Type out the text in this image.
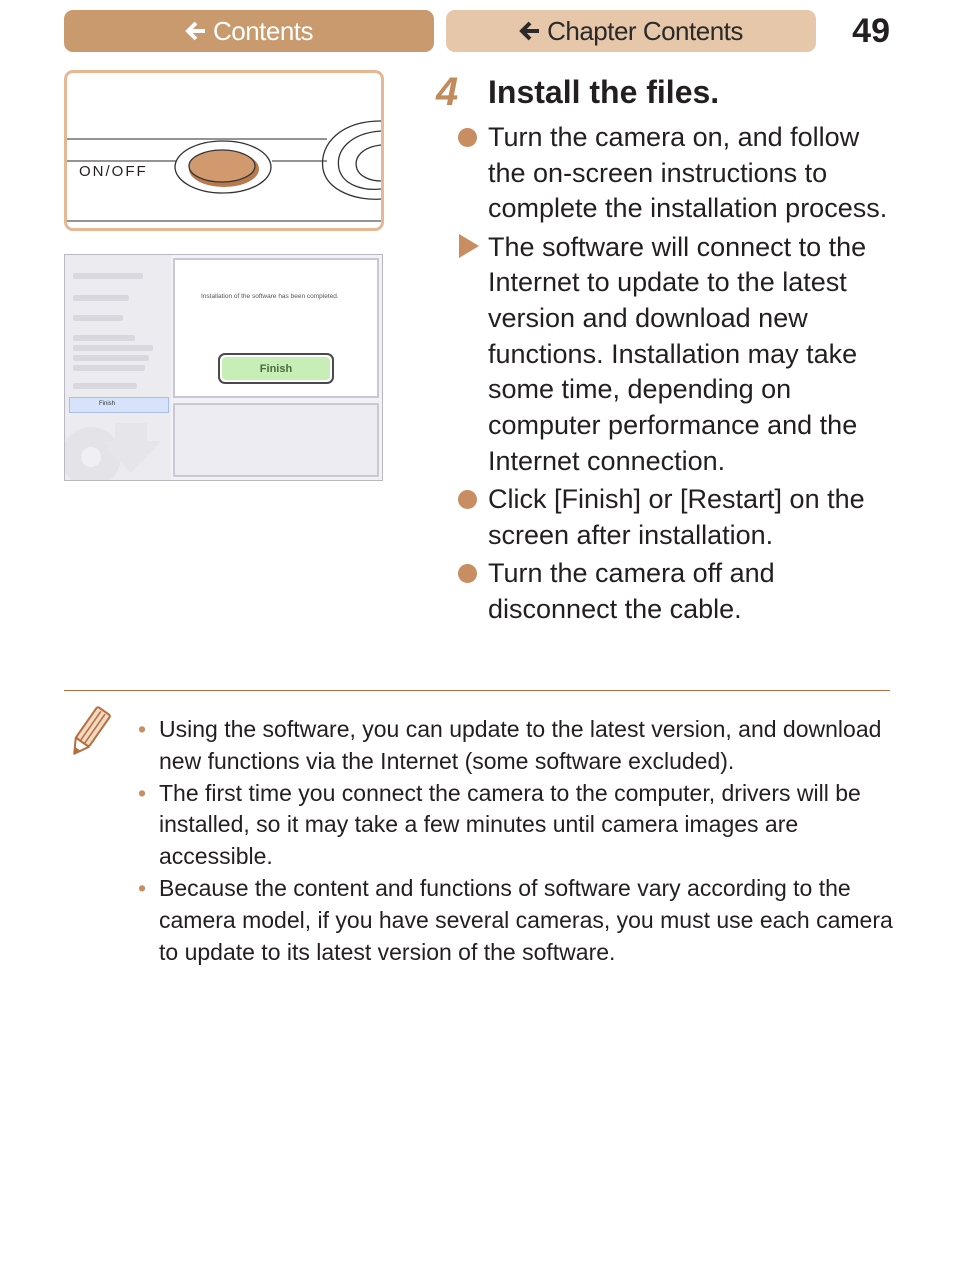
Contents	Chapter Contents	49
ON/OFF
Finish
Installation of the software has been completed.
Finish
4 Install the files.
Turn the camera on, and follow the on-screen instructions to complete the installation process.
The software will connect to the Internet to update to the latest version and download new functions. Installation may take some time, depending on computer performance and the Internet connection.
Click [Finish] or [Restart] on the screen after installation.
Turn the camera off and disconnect the cable.
• Using the software, you can update to the latest version, and download new functions via the Internet (some software excluded).
• The first time you connect the camera to the computer, drivers will be installed, so it may take a few minutes until camera images are accessible.
• Because the content and functions of software vary according to the camera model, if you have several cameras, you must use each camera to update to its latest version of the software.
